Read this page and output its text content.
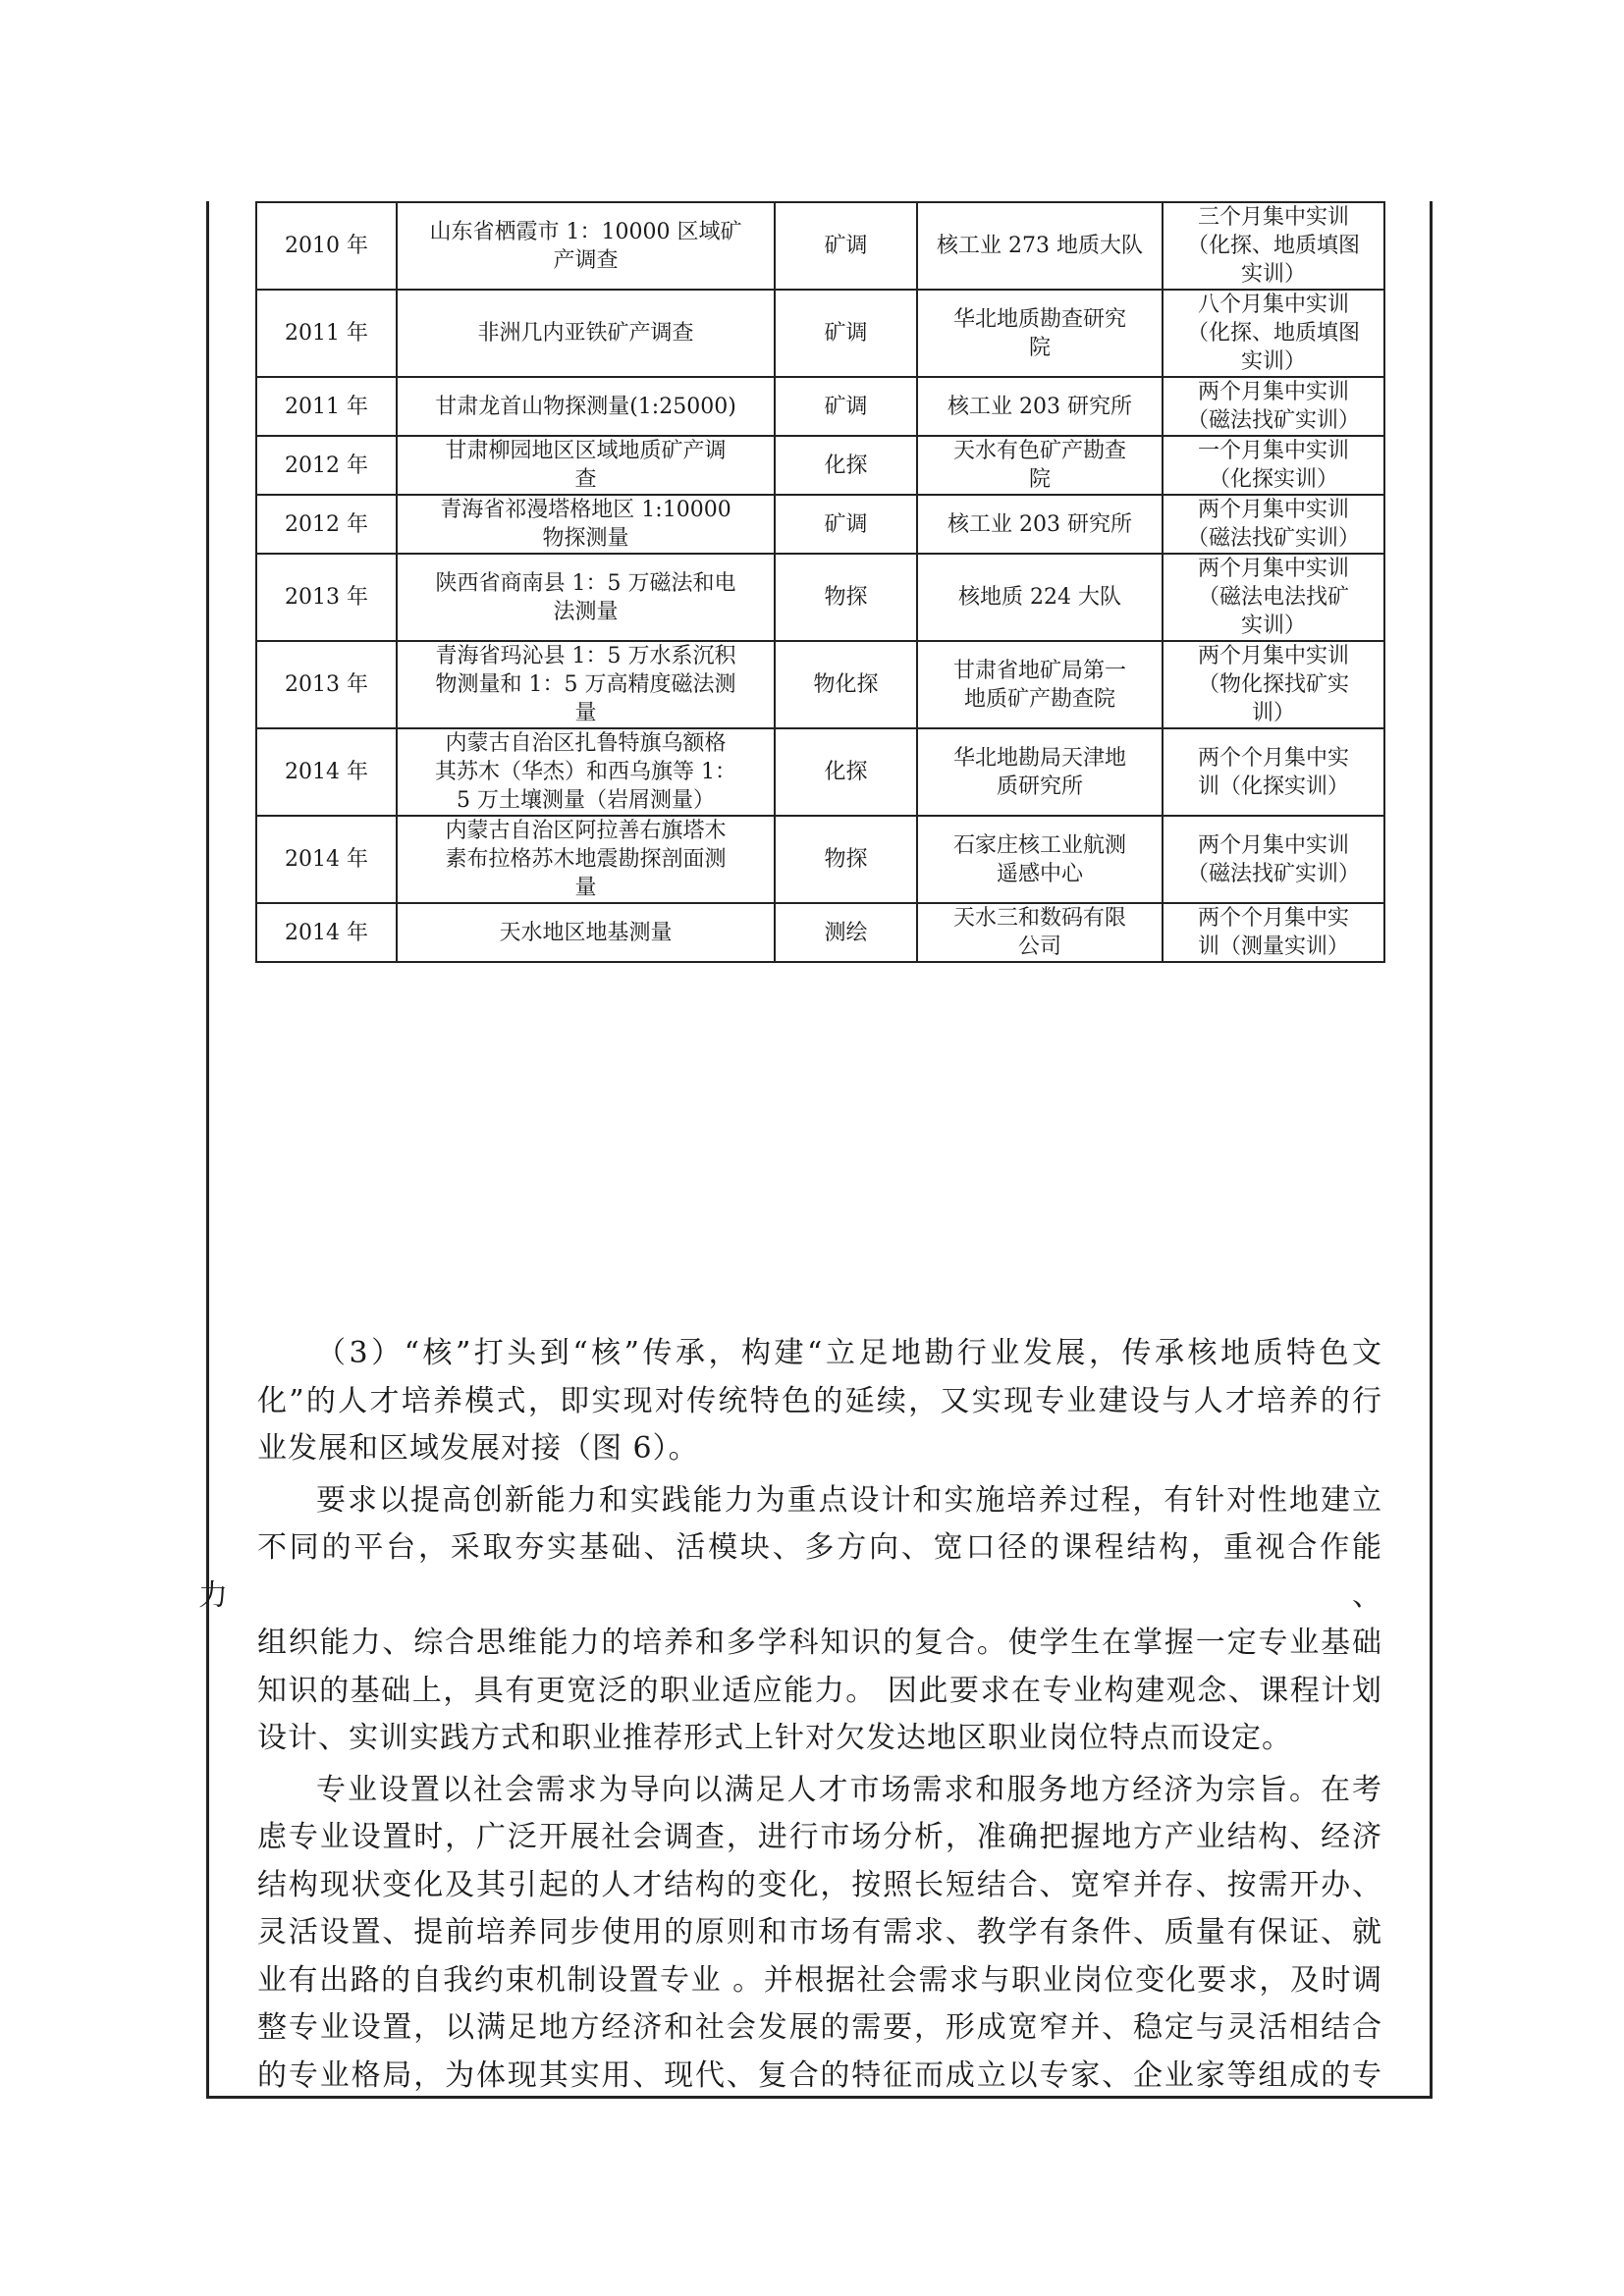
2010 年	山东省栖霞市 1：10000 区域矿
产调查	矿调	核工业 273 地质大队	三个月集中实训
（化探、地质填图
实训）

2011 年	非洲几内亚铁矿产调查	矿调	华北地质勘查研究
院	八个月集中实训
（化探、地质填图
实训）

2011 年	甘肃龙首山物探测量(1:25000)	矿调	核工业 203 研究所	两个月集中实训
（磁法找矿实训）

2012 年	甘肃柳园地区区域地质矿产调
查	化探	天水有色矿产勘查
院	一个月集中实训
（化探实训）

2012 年	青海省祁漫塔格地区 1:10000
物探测量	矿调	核工业 203 研究所	两个月集中实训
（磁法找矿实训）

2013 年	陕西省商南县 1：5 万磁法和电
法测量	物探	核地质 224 大队	两个月集中实训
（磁法电法找矿
实训）

2013 年	青海省玛沁县 1：5 万水系沉积
物测量和 1：5 万高精度磁法测
量	物化探	甘肃省地矿局第一
地质矿产勘查院	两个月集中实训
（物化探找矿实
训）

2014 年	内蒙古自治区扎鲁特旗乌额格
其苏木（华杰）和西乌旗等 1：
5 万土壤测量（岩屑测量）	化探	华北地勘局天津地
质研究所	两个个月集中实
训（化探实训）

2014 年	内蒙古自治区阿拉善右旗塔木
素布拉格苏木地震勘探剖面测
量	物探	石家庄核工业航测
遥感中心	两个月集中实训
（磁法找矿实训）

2014 年	天水地区地基测量	测绘	天水三和数码有限
公司	两个个月集中实
训（测量实训）

（3）“核”打头到“核”传承，构建“立足地勘行业发展，传承核地质特色文
化”的人才培养模式，即实现对传统特色的延续，又实现专业建设与人才培养的行
业发展和区域发展对接（图 6）。

要求以提高创新能力和实践能力为重点设计和实施培养过程，有针对性地建立
不同的平台，采取夯实基础、活模块、多方向、宽口径的课程结构，重视合作能力、
组织能力、综合思维能力的培养和多学科知识的复合。使学生在掌握一定专业基础
知识的基础上，具有更宽泛的职业适应能力。 因此要求在专业构建观念、课程计划
设计、实训实践方式和职业推荐形式上针对欠发达地区职业岗位特点而设定。

专业设置以社会需求为导向以满足人才市场需求和服务地方经济为宗旨。在考
虑专业设置时，广泛开展社会调查，进行市场分析，准确把握地方产业结构、经济
结构现状变化及其引起的人才结构的变化，按照长短结合、宽窄并存、按需开办、
灵活设置、提前培养同步使用的原则和市场有需求、教学有条件、质量有保证、就
业有出路的自我约束机制设置专业 。并根据社会需求与职业岗位变化要求，及时调
整专业设置，以满足地方经济和社会发展的需要，形成宽窄并、稳定与灵活相结合
的专业格局，为体现其实用、现代、复合的特征而成立以专家、企业家等组成的专
